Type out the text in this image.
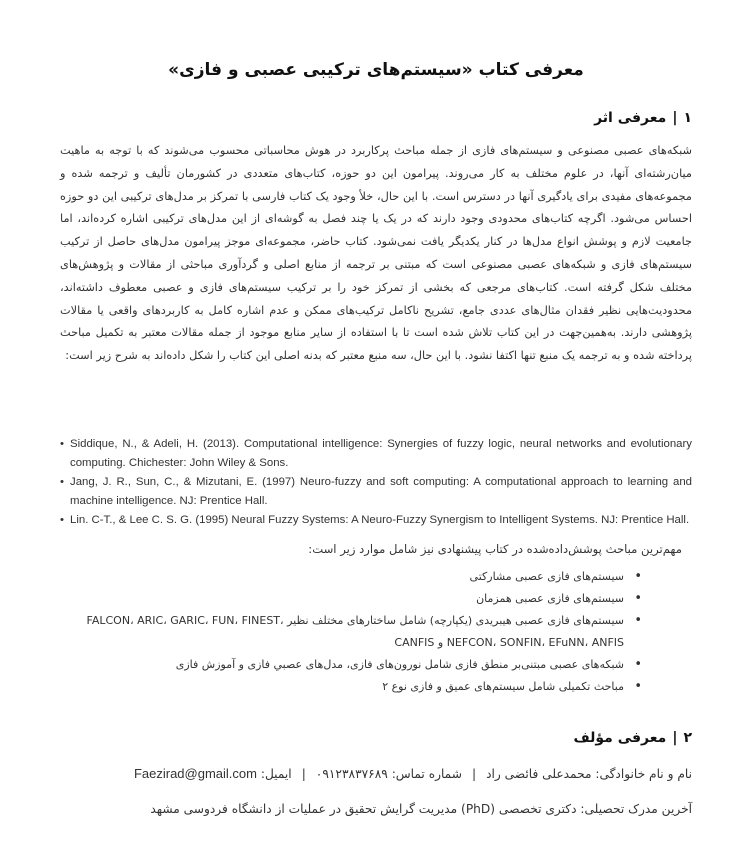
معرفی کتاب «سیستم‌های ترکیبی عصبی و فازی»
۱|معرفی اثر

شبکه‌های عصبی مصنوعی و سیستم‌های فازی از جمله مباحث پرکاربرد در هوش محاسباتی محسوب می‌شوند که با توجه به ماهیت میان‌رشته‌ای آنها، در علوم مختلف به کار می‌روند. پیرامون این دو حوزه، کتاب‌های متعددی در کشورمان تألیف و ترجمه شده و مجموعه‌های مفیدی برای یادگیری آنها در دسترس است. با این حال، خلأ وجود یک کتاب فارسی با تمرکز بر مدل‌های ترکیبی این دو حوزه احساس می‌شود. اگرچه کتاب‌های محدودی وجود دارند که در یک یا چند فصل به گوشه‌ای از این مدل‌های ترکیبی اشاره کرده‌اند، اما جامعیت لازم و پوشش انواع مدل‌ها در کنار یکدیگر یافت نمی‌شود. کتاب حاضر، مجموعه‌ای موجز پیرامون مدل‌های حاصل از ترکیب سیستم‌های فازی و شبکه‌های عصبی مصنوعی است که مبتنی بر ترجمه از منابع اصلی و گردآوری مباحثی از مقالات و پژوهش‌های مختلف شکل گرفته است. کتاب‌های مرجعی که بخشی از تمرکز خود را بر ترکیب سیستم‌های فازی و عصبی معطوف داشته‌اند، محدودیت‌هایی نظیر فقدان مثال‌های عددی جامع، تشریح ناکامل ترکیب‌های ممکن و عدم اشاره کامل به کاربردهای واقعی یا مقالات پژوهشی دارند. به‌همین‌جهت در این کتاب تلاش شده است تا با استفاده از سایر منابع موجود از جمله مقالات معتبر به تکمیل مباحث پرداخته شده و به ترجمه یک منبع تنها اکتفا نشود. با این حال، سه منبع معتبر که بدنه اصلی این کتاب را شکل داده‌اند به شرح زیر است:

• Siddique, N., & Adeli, H. (2013). Computational intelligence: Synergies of fuzzy logic, neural networks and evolutionary computing. Chichester: John Wiley & Sons.
• Jang, J. R., Sun, C., & Mizutani, E. (1997) Neuro-fuzzy and soft computing: A computational approach to learning and machine intelligence. NJ: Prentice Hall.
• Lin. C-T., & Lee C. S. G. (1995) Neural Fuzzy Systems: A Neuro-Fuzzy Synergism to Intelligent Systems. NJ: Prentice Hall.
مهم‌ترین مباحث پوشش‌داده‌شده در کتاب پیشنهادی نیز شامل موارد زیر است:
• سیستم‌های فازی عصبی مشارکتی
• سیستم‌های فازی عصبی همزمان
• سیستم‌های فازی عصبی هیبریدی (یکپارچه) شامل ساختارهای مختلف نظیر FALCON، ARIC، GARIC، FUN، FINEST، NEFCON، SONFIN، EFuNN، ANFIS و CANFIS
• شبکه‌های عصبی مبتنی‌بر منطق فازی شامل نورون‌های فازی، مدل‌های عصبي فازی و آموزش فازی
• مباحث تکمیلی شامل سیستم‌های عمیق و فازی نوع ۲
۲|معرفی مؤلف
نام و نام خانوادگی: محمدعلی فائضی راد|شماره تماس: ۰۹۱۲۳۸۳۷۶۸۹|ایمیل: Faezirad@gmail.com
آخرین مدرک تحصیلی: دکتری تخصصی (PhD) مدیریت گرایش تحقیق در عملیات از دانشگاه فردوسی مشهد
